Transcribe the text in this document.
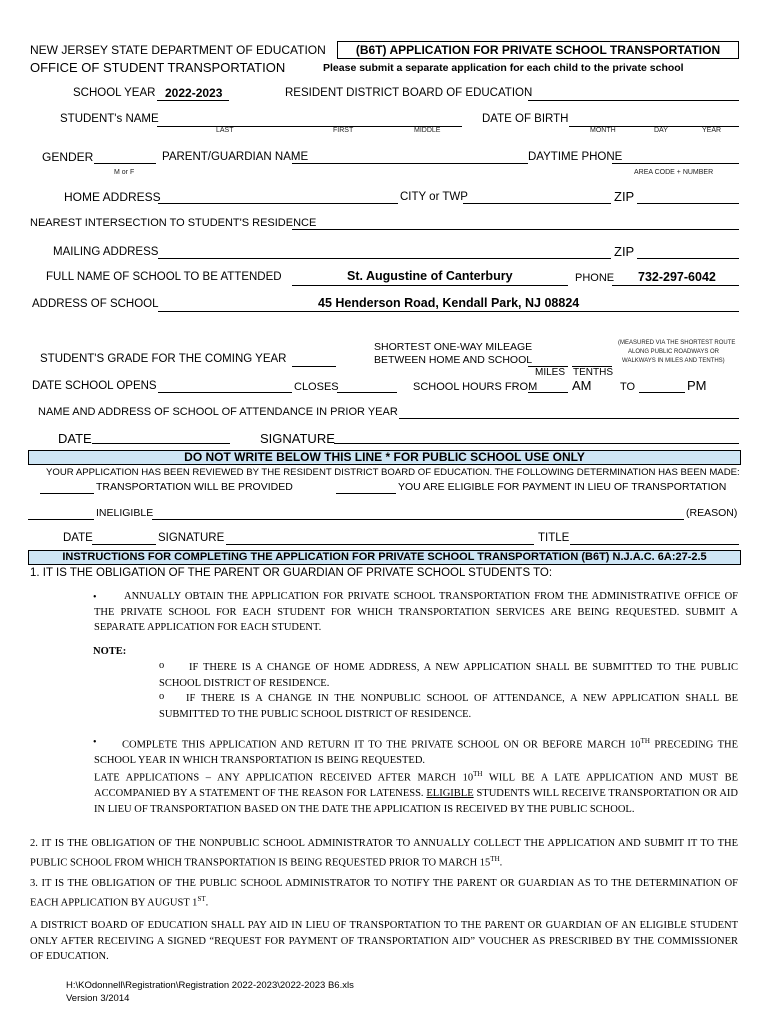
NEW JERSEY STATE DEPARTMENT OF EDUCATION
OFFICE OF STUDENT TRANSPORTATION
(B6T) APPLICATION FOR PRIVATE SCHOOL TRANSPORTATION
Please submit a separate application for each child to the private school
SCHOOL YEAR 2022-2023	RESIDENT DISTRICT BOARD OF EDUCATION
STUDENT's NAME
LAST	FIRST	MIDDLE
DATE OF BIRTH
MONTH	DAY	YEAR
GENDER
M or F
PARENT/GUARDIAN NAME	DAYTIME PHONE
AREA CODE + NUMBER
HOME ADDRESS	CITY or TWP	ZIP
NEAREST INTERSECTION TO STUDENT'S RESIDENCE
MAILING ADDRESS	ZIP
FULL NAME OF SCHOOL TO BE ATTENDED	St. Augustine of Canterbury	PHONE 732-297-6042
ADDRESS OF SCHOOL	45 Henderson Road, Kendall Park, NJ 08824
SHORTEST ONE-WAY MILEAGE
BETWEEN HOME AND SCHOOL
(MEASURED VIA THE SHORTEST ROUTE
ALONG PUBLIC ROADWAYS OR
WALKWAYS IN MILES AND TENTHS)
MILES TENTHS
STUDENT'S GRADE FOR THE COMING YEAR
DATE SCHOOL OPENS	CLOSES	SCHOOL HOURS FROM	AM	TO	PM
NAME AND ADDRESS OF SCHOOL OF ATTENDANCE IN PRIOR YEAR
DATE	SIGNATURE
DO NOT WRITE BELOW THIS LINE * FOR PUBLIC SCHOOL USE ONLY
YOUR APPLICATION HAS BEEN REVIEWED BY THE RESIDENT DISTRICT BOARD OF EDUCATION. THE FOLLOWING DETERMINATION HAS BEEN MADE:
TRANSPORTATION WILL BE PROVIDED	YOU ARE ELIGIBLE FOR PAYMENT IN LIEU OF TRANSPORTATION
INELIGIBLE	(REASON)
DATE	SIGNATURE	TITLE
INSTRUCTIONS FOR COMPLETING THE APPLICATION FOR PRIVATE SCHOOL TRANSPORTATION (B6T) N.J.A.C. 6A:27-2.5
1. IT IS THE OBLIGATION OF THE PARENT OR GUARDIAN OF PRIVATE SCHOOL STUDENTS TO:
•	ANNUALLY OBTAIN THE APPLICATION FOR PRIVATE SCHOOL TRANSPORTATION FROM THE ADMINISTRATIVE OFFICE OF THE PRIVATE SCHOOL FOR EACH STUDENT FOR WHICH TRANSPORTATION SERVICES ARE BEING REQUESTED. SUBMIT A SEPARATE APPLICATION FOR EACH STUDENT.
NOTE:
o	IF THERE IS A CHANGE OF HOME ADDRESS, A NEW APPLICATION SHALL BE SUBMITTED TO THE PUBLIC SCHOOL DISTRICT OF RESIDENCE.
o	IF THERE IS A CHANGE IN THE NONPUBLIC SCHOOL OF ATTENDANCE, A NEW APPLICATION SHALL BE SUBMITTED TO THE PUBLIC SCHOOL DISTRICT OF RESIDENCE.
•	COMPLETE THIS APPLICATION AND RETURN IT TO THE PRIVATE SCHOOL ON OR BEFORE MARCH 10TH PRECEDING THE SCHOOL YEAR IN WHICH TRANSPORTATION IS BEING REQUESTED.
LATE APPLICATIONS – ANY APPLICATION RECEIVED AFTER MARCH 10TH WILL BE A LATE APPLICATION AND MUST BE ACCOMPANIED BY A STATEMENT OF THE REASON FOR LATENESS. ELIGIBLE STUDENTS WILL RECEIVE TRANSPORTATION OR AID IN LIEU OF TRANSPORTATION BASED ON THE DATE THE APPLICATION IS RECEIVED BY THE PUBLIC SCHOOL.
2. IT IS THE OBLIGATION OF THE NONPUBLIC SCHOOL ADMINISTRATOR TO ANNUALLY COLLECT THE APPLICATION AND SUBMIT IT TO THE PUBLIC SCHOOL FROM WHICH TRANSPORTATION IS BEING REQUESTED PRIOR TO MARCH 15TH.
3. IT IS THE OBLIGATION OF THE PUBLIC SCHOOL ADMINISTRATOR TO NOTIFY THE PARENT OR GUARDIAN AS TO THE DETERMINATION OF EACH APPLICATION BY AUGUST 1ST.
A DISTRICT BOARD OF EDUCATION SHALL PAY AID IN LIEU OF TRANSPORTATION TO THE PARENT OR GUARDIAN OF AN ELIGIBLE STUDENT ONLY AFTER RECEIVING A SIGNED “REQUEST FOR PAYMENT OF TRANSPORTATION AID” VOUCHER AS PRESCRIBED BY THE COMMISSIONER OF EDUCATION.
H:\KOdonnell\Registration\Registration 2022-2023\2022-2023 B6.xls
Version 3/2014
